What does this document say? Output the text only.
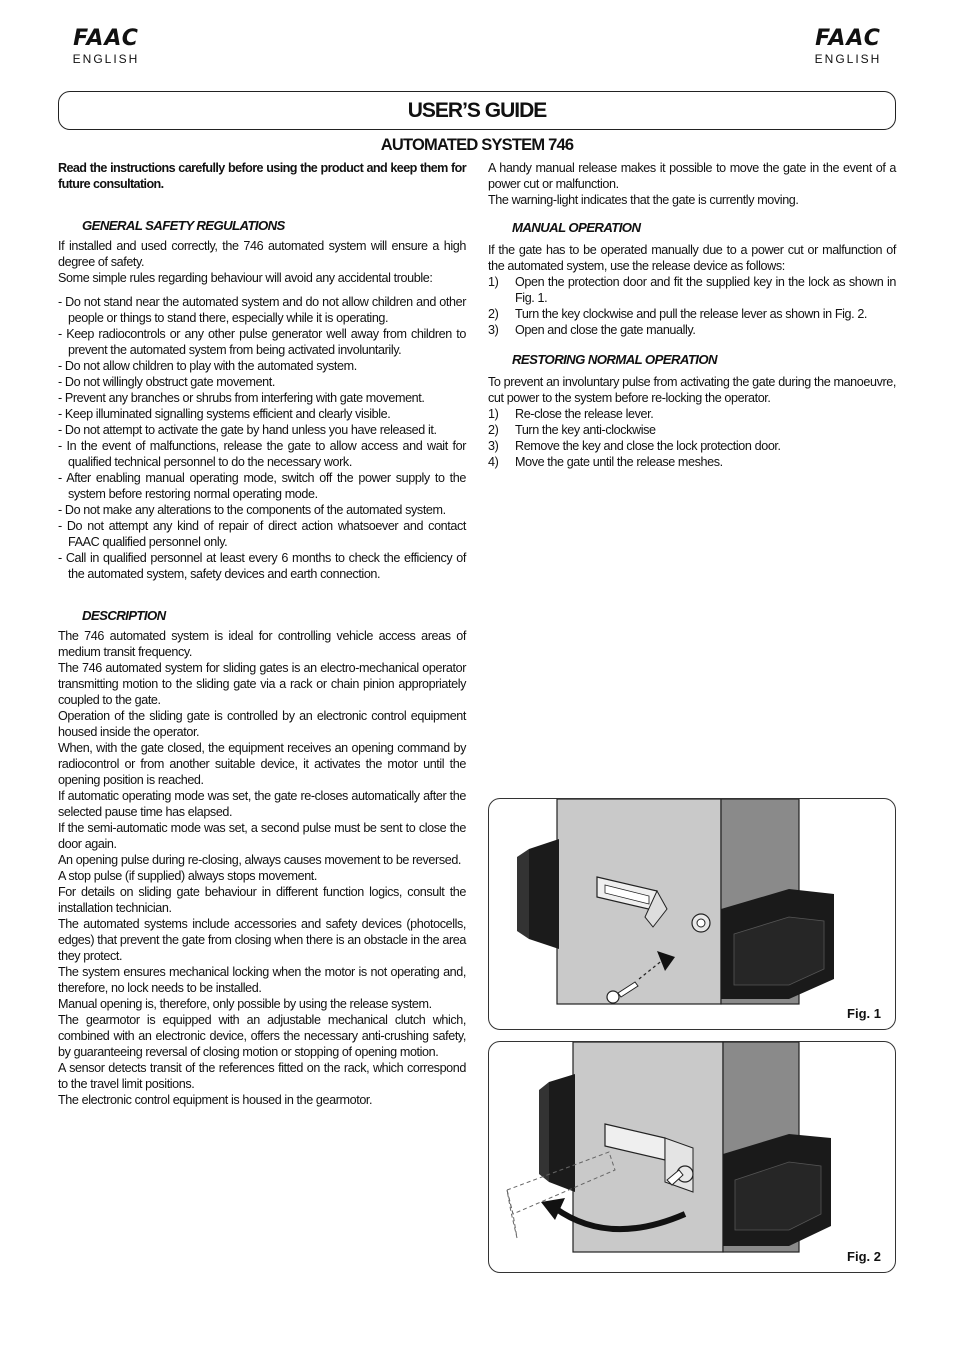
FAAC
ENGLISH
FAAC
ENGLISH
USER’S GUIDE
AUTOMATED SYSTEM 746

Read the instructions carefully before using the product and keep them for future consultation.

GENERAL SAFETY REGULATIONS

If installed and used correctly, the 746 automated system will ensure a high degree of safety.

Some simple rules regarding behaviour will avoid any accidental trouble:

- Do not stand near the automated system and do not allow children and other people or things to stand there, especially while it is operating.
- Keep radiocontrols or any other pulse generator well away from children to prevent the automated system from being activated involuntarily.
- Do not allow children to play with the automated system.
- Do not willingly obstruct gate movement.
- Prevent any branches or shrubs from interfering with gate movement.
- Keep illuminated signalling systems efficient and clearly visible.
- Do not attempt to activate the gate by hand unless you have released it.
- In the event of malfunctions, release the gate to allow access and wait for qualified technical personnel to do the necessary work.
- After enabling manual operating mode, switch off the power supply to the system before restoring normal operating mode.
- Do not make any alterations to the components of the automated system.
- Do not attempt any kind of repair of direct action whatsoever and contact FAAC qualified personnel only.
- Call in qualified personnel at least every 6 months to check the efficiency of the automated system, safety devices and earth connection.
DESCRIPTION

The 746 automated system is ideal for controlling vehicle access areas of medium transit frequency.

The 746 automated system for sliding gates is an electro-mechanical operator transmitting motion to the sliding gate via a rack or chain pinion appropriately coupled to the gate.

Operation of the sliding gate is controlled by an electronic control equipment housed inside the operator.

When, with the gate closed, the equipment receives an opening command by radiocontrol or from another suitable device, it activates the motor until the opening position is reached.

If automatic operating mode was set, the gate re-closes automatically after the selected pause time has elapsed.

If the semi-automatic mode was set, a second pulse must be sent to close the door again.

An opening pulse during re-closing, always causes movement to be reversed.

A stop pulse (if supplied) always stops movement.

For details on sliding gate behaviour in different function logics, consult the installation technician.

The automated systems include accessories and safety devices (photocells, edges) that prevent the gate from closing when there is an obstacle in the area they protect.

The system ensures mechanical locking when the motor is not operating and, therefore, no lock needs to be installed.

Manual opening is, therefore, only possible by using the release system.

The gearmotor is equipped with an adjustable mechanical clutch which, combined with an electronic device, offers the necessary anti-crushing safety, by guaranteeing reversal of closing motion or stopping of opening motion.

A sensor detects transit of the references fitted on the rack, which correspond to the travel limit positions.

The electronic control equipment is housed in the gearmotor.

A handy manual release makes it possible to move the gate in the event of a power cut or malfunction.

The warning-light indicates that the gate is currently moving.

MANUAL OPERATION

If the gate has to be operated manually due to a power cut or malfunction of the automated system, use the release device as follows:

1)	Open the protection door and fit the supplied key in the lock as shown in Fig. 1.
2)	Turn the key clockwise and pull the release lever as shown in Fig. 2.
3)	Open and close the gate manually.
RESTORING NORMAL OPERATION

To prevent an involuntary pulse from activating the gate during the manoeuvre, cut power to the system before re-locking the operator.

1)	Re-close the release lever.
2)	Turn the key anti-clockwise
3)	Remove the key and close the lock protection door.
4)	Move the gate until the release meshes.
Fig. 1
Fig. 2
